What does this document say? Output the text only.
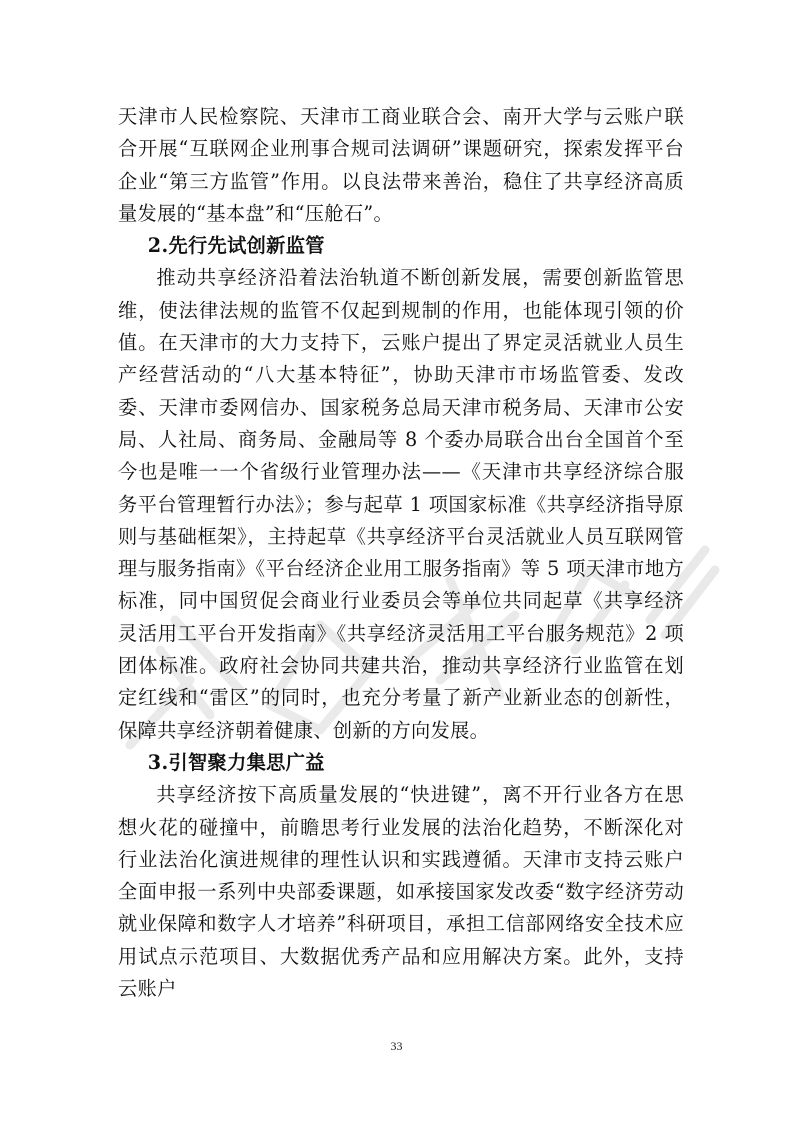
天津市人民检察院、天津市工商业联合会、南开大学与云账户联合开展“互联网企业刑事合规司法调研”课题研究，探索发挥平台企业“第三方监管”作用。以良法带来善治，稳住了共享经济高质量发展的“基本盘”和“压舱石”。

2.先行先试创新监管

推动共享经济沿着法治轨道不断创新发展，需要创新监管思维，使法律法规的监管不仅起到规制的作用，也能体现引领的价值。在天津市的大力支持下，云账户提出了界定灵活就业人员生产经营活动的“八大基本特征”，协助天津市市场监管委、发改委、天津市委网信办、国家税务总局天津市税务局、天津市公安局、人社局、商务局、金融局等 8 个委办局联合出台全国首个至今也是唯一一个省级行业管理办法——《天津市共享经济综合服务平台管理暂行办法》；参与起草 1 项国家标准《共享经济指导原则与基础框架》，主持起草《共享经济平台灵活就业人员互联网管理与服务指南》《平台经济企业用工服务指南》等 5 项天津市地方标准，同中国贸促会商业行业委员会等单位共同起草《共享经济 灵活用工平台开发指南》《共享经济灵活用工平台服务规范》2 项团体标准。政府社会协同共建共治，推动共享经济行业监管在划定红线和“雷区”的同时，也充分考量了新产业新业态的创新性，保障共享经济朝着健康、创新的方向发展。

3.引智聚力集思广益

共享经济按下高质量发展的“快进键”，离不开行业各方在思想火花的碰撞中，前瞻思考行业发展的法治化趋势，不断深化对行业法治化演进规律的理性认识和实践遵循。天津市支持云账户全面申报一系列中央部委课题，如承接国家发改委“数字经济劳动就业保障和数字人才培养”科研项目，承担工信部网络安全技术应用试点示范项目、大数据优秀产品和应用解决方案。此外，支持云账户

33
